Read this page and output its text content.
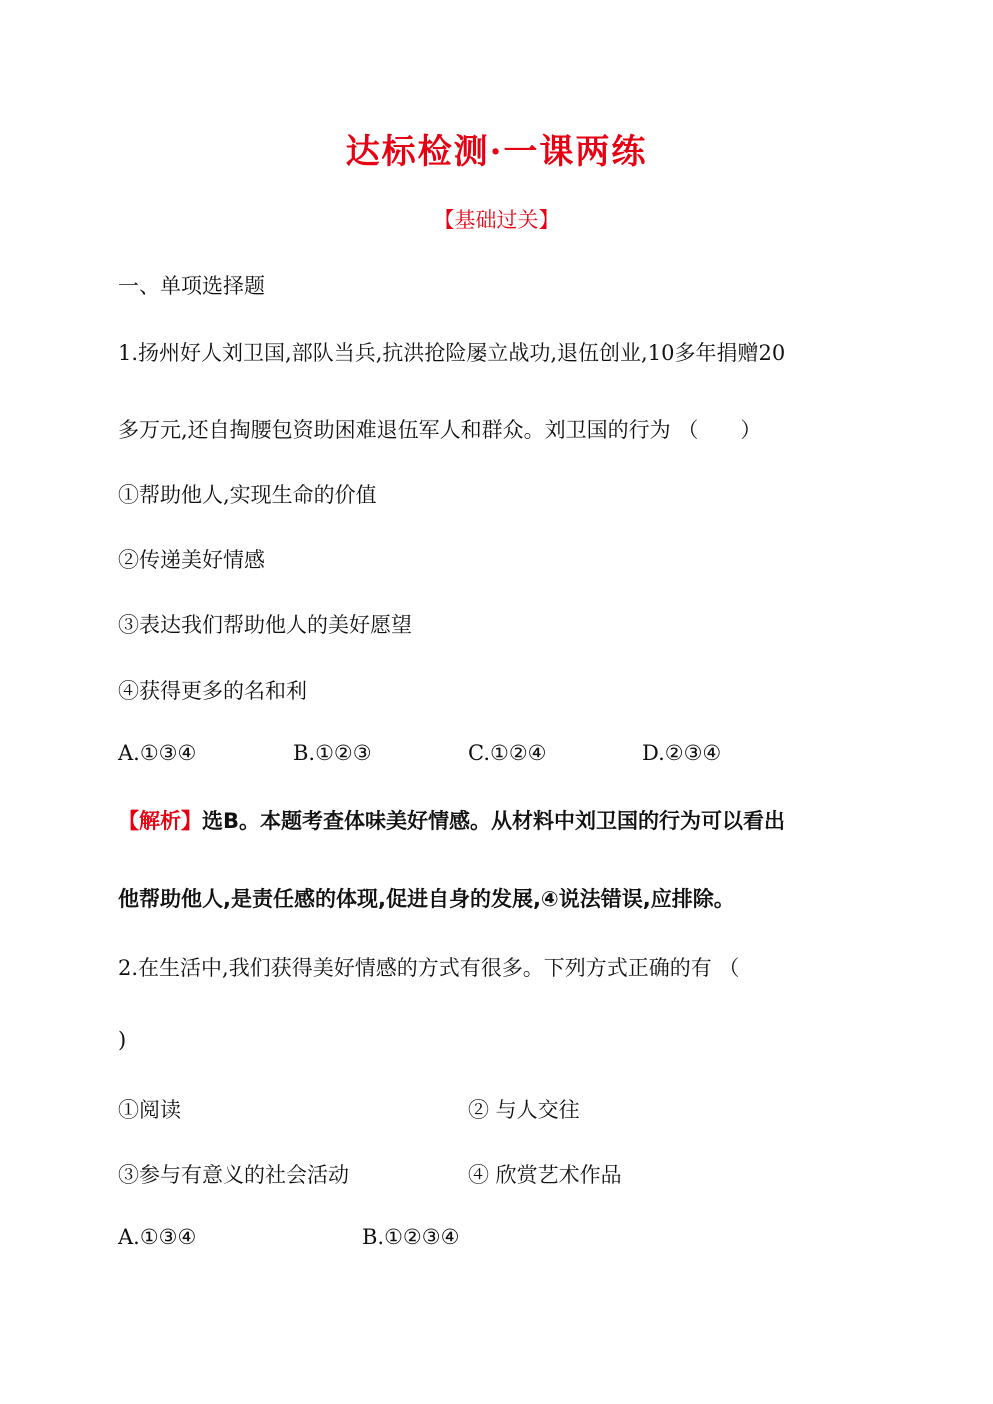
达标检测·一课两练
【基础过关】
一、单项选择题
1.扬州好人刘卫国,部队当兵,抗洪抢险屡立战功,退伍创业,10多年捐赠20
多万元,还自掏腰包资助困难退伍军人和群众。刘卫国的行为 （　　）
①帮助他人,实现生命的价值
②传递美好情感
③表达我们帮助他人的美好愿望
④获得更多的名和利
A.①③④	B.①②③	C.①②④	D.②③④
【解析】选B。本题考查体味美好情感。从材料中刘卫国的行为可以看出
他帮助他人,是责任感的体现,促进自身的发展,④说法错误,应排除。
2.在生活中,我们获得美好情感的方式有很多。下列方式正确的有 （
)
①阅读	② 与人交往
③参与有意义的社会活动	④ 欣赏艺术作品
A.①③④	B.①②③④
